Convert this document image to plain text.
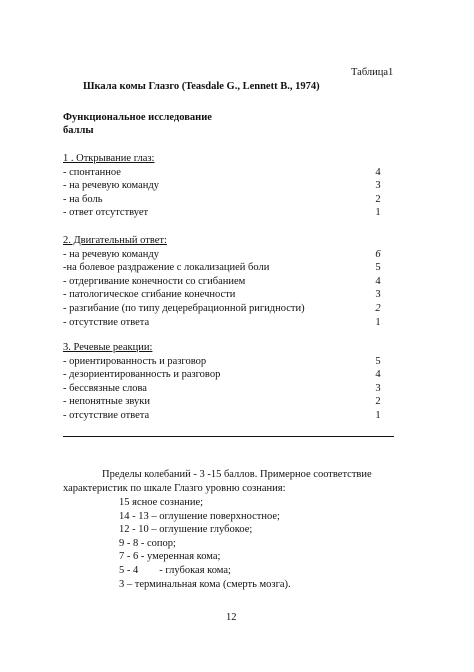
Таблица1
Шкала комы Глазго (Teasdale G., Lennett B., 1974)
Функциональное исследование
баллы
1 . Открывание глаз:
- спонтанное	4
- на речевую команду	3
- на боль	2
- ответ отсутствует	1
2. Двигательный ответ:
- на речевую команду	6
-на болевое раздражение с локализацией боли	5
- отдергивание конечности со сгибанием	4
- патологическое сгибание конечности	3
- разгибание (по типу децеребрационной ригидности)	2
- отсутствие ответа	1
3. Речевые реакции:
- ориентированность и разговор	5
- дезориентированность и разговор	4
- бессвязные слова	3
- непонятные звуки	2
- отсутствие ответа	1
Пределы колебаний - 3 -15 баллов. Примерное соответствие
характеристик по шкале Глазго уровню сознания:
15 ясное сознание;
14 - 13 – оглушение поверхностное;
12 - 10 – оглушение глубокое;
9 - 8 - сопор;
7 - 6 - умеренная кома;
5 - 4        - глубокая кома;
3 – терминальная кома (смерть мозга).
12
